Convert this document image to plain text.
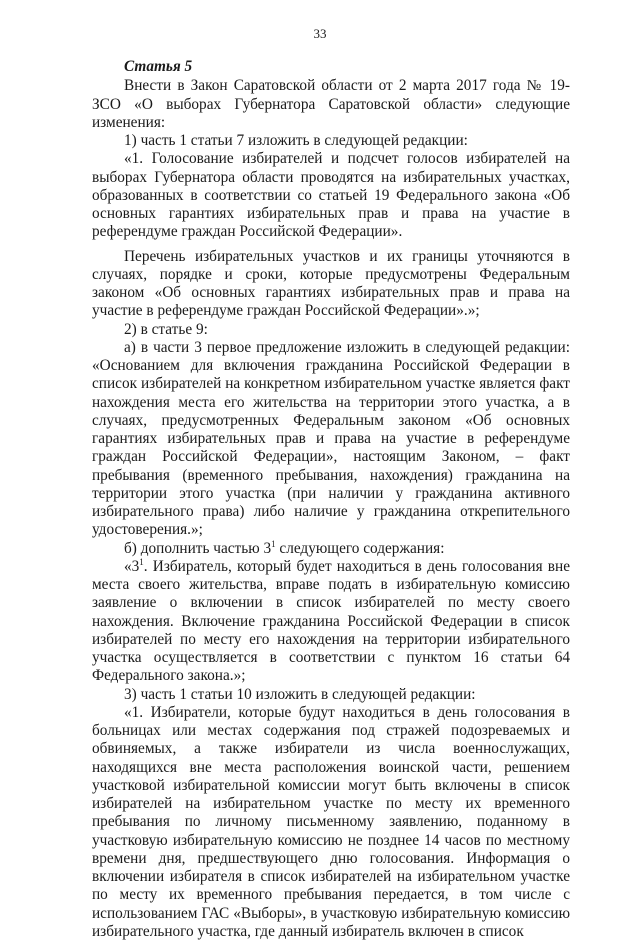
33

Статья 5

Внести в Закон Саратовской области от 2 марта 2017 года № 19-ЗСО «О выборах Губернатора Саратовской области» следующие изменения:

1) часть 1 статьи 7 изложить в следующей редакции:

«1. Голосование избирателей и подсчет голосов избирателей на выборах Губернатора области проводятся на избирательных участках, образованных в соответствии со статьей 19 Федерального закона «Об основных гарантиях избирательных прав и права на участие в референдуме граждан Российской Федерации».

Перечень избирательных участков и их границы уточняются в случаях, порядке и сроки, которые предусмотрены Федеральным законом «Об основных гарантиях избирательных прав и права на участие в референдуме граждан Российской Федерации».»;

2) в статье 9:

а) в части 3 первое предложение изложить в следующей редакции: «Основанием для включения гражданина Российской Федерации в список избирателей на конкретном избирательном участке является факт нахождения места его жительства на территории этого участка, а в случаях, предусмотренных Федеральным законом «Об основных гарантиях избирательных прав и права на участие в референдуме граждан Российской Федерации», настоящим Законом, – факт пребывания (временного пребывания, нахождения) гражданина на территории этого участка (при наличии у гражданина активного избирательного права) либо наличие у гражданина открепительного удостоверения.»;

б) дополнить частью $3^1$ следующего содержания:

«$3^1$. Избиратель, который будет находиться в день голосования вне места своего жительства, вправе подать в избирательную комиссию заявление о включении в список избирателей по месту своего нахождения. Включение гражданина Российской Федерации в список избирателей по месту его нахождения на территории избирательного участка осуществляется в соответствии с пунктом 16 статьи 64 Федерального закона.»;

3) часть 1 статьи 10 изложить в следующей редакции:

«1. Избиратели, которые будут находиться в день голосования в больницах или местах содержания под стражей подозреваемых и обвиняемых, а также избиратели из числа военнослужащих, находящихся вне места расположения воинской части, решением участковой избирательной комиссии могут быть включены в список избирателей на избирательном участке по месту их временного пребывания по личному письменному заявлению, поданному в участковую избирательную комиссию не позднее 14 часов по местному времени дня, предшествующего дню голосования. Информация о включении избирателя в список избирателей на избирательном участке по месту их временного пребывания передается, в том числе с использованием ГАС «Выборы», в участковую избирательную комиссию избирательного участка, где данный избиратель включен в список
